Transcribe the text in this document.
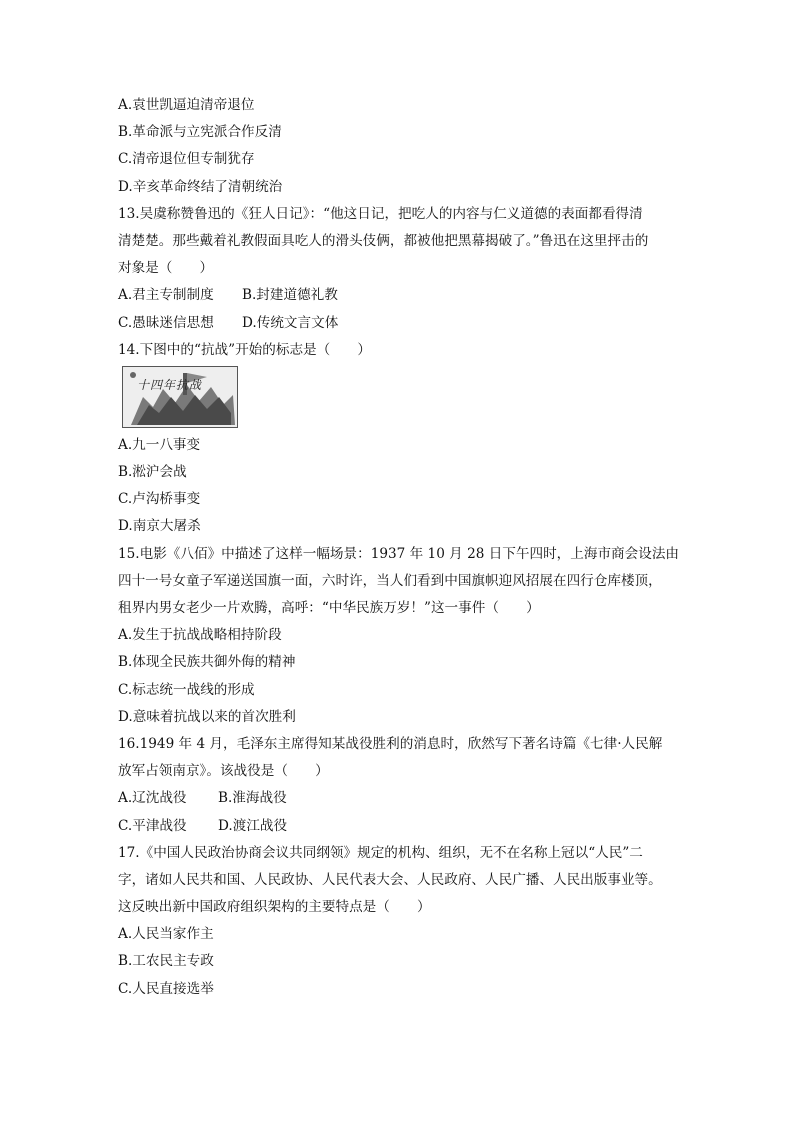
A.袁世凯逼迫清帝退位
B.革命派与立宪派合作反清
C.清帝退位但专制犹存
D.辛亥革命终结了清朝统治
13.吴虞称赞鲁迅的《狂人日记》：“他这日记，把吃人的内容与仁义道德的表面都看得清
清楚楚。那些戴着礼教假面具吃人的滑头伎俩，都被他把黑幕揭破了。”鲁迅在这里抨击的
对象是（　　）
A.君主专制制度 B.封建道德礼教
C.愚昧迷信思想 D.传统文言文体
14.下图中的“抗战”开始的标志是（　　）
十四年抗战
A.九一八事变
B.淞沪会战
C.卢沟桥事变
D.南京大屠杀
15.电影《八佰》中描述了这样一幅场景：1937 年 10 月 28 日下午四时，上海市商会设法由
四十一号女童子军递送国旗一面，六时许，当人们看到中国旗帜迎风招展在四行仓库楼顶，
租界内男女老少一片欢腾，高呼：“中华民族万岁！”这一事件（　　）
A.发生于抗战战略相持阶段
B.体现全民族共御外侮的精神
C.标志统一战线的形成
D.意味着抗战以来的首次胜利
16.1949 年 4 月，毛泽东主席得知某战役胜利的消息时，欣然写下著名诗篇《七律·人民解
放军占领南京》。该战役是（　　）
A.辽沈战役 B.淮海战役
C.平津战役 D.渡江战役
17.《中国人民政治协商会议共同纲领》规定的机构、组织，无不在名称上冠以“人民”二
字，诸如人民共和国、人民政协、人民代表大会、人民政府、人民广播、人民出版事业等。
这反映出新中国政府组织架构的主要特点是（　　）
A.人民当家作主
B.工农民主专政
C.人民直接选举
